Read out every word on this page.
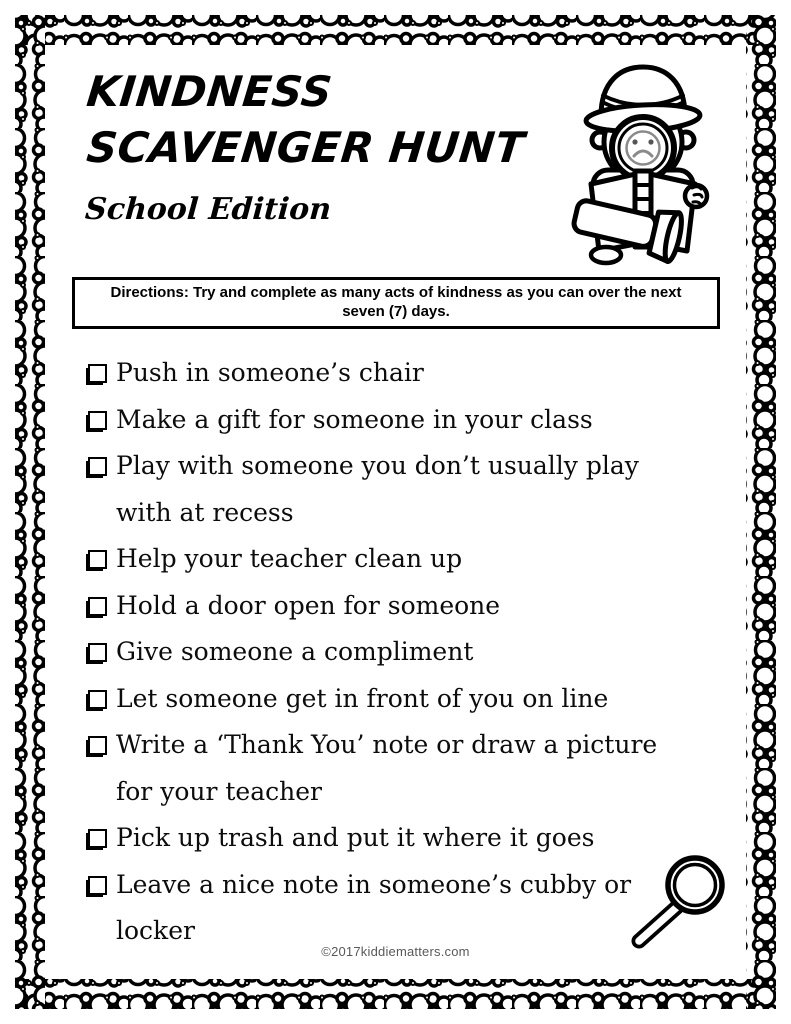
KINDNESS
SCAVENGER HUNT
School Edition

Directions: Try and complete as many acts of kindness as you can over the next seven (7) days.

Push in someone’s chair
Make a gift for someone in your class
Play with someone you don’t usually play with at recess
Help your teacher clean up
Hold a door open for someone
Give someone a compliment
Let someone get in front of you on line
Write a ‘Thank You’ note or draw a picture for your teacher
Pick up trash and put it where it goes
Leave a nice note in someone’s cubby or locker
©2017kiddiematters.com
